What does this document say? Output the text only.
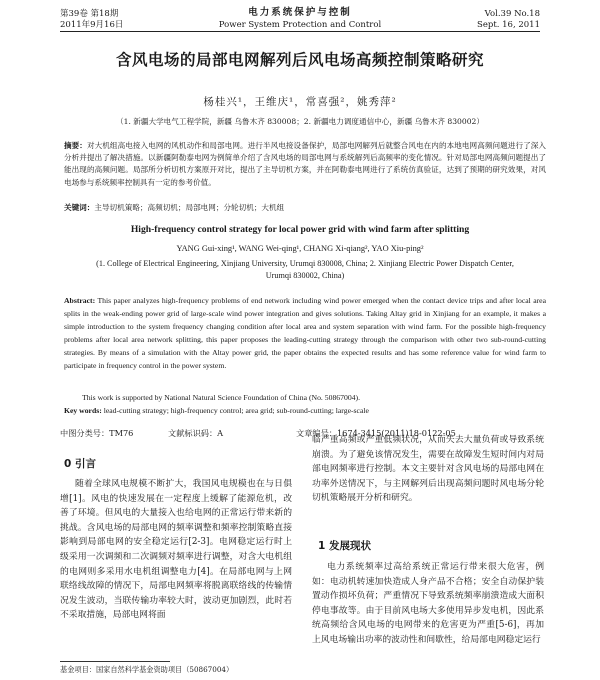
第39卷 第18期
2011年9月16日
电力系统保护与控制
Power System Protection and Control
Vol.39 No.18
Sept. 16, 2011
含风电场的局部电网解列后风电场高频控制策略研究
杨桂兴¹，王维庆¹，常喜强²，姚秀萍²
（1. 新疆大学电气工程学院，新疆 乌鲁木齐 830008；2. 新疆电力调度通信中心，新疆 乌鲁木齐 830002）
摘要：对大机组高电接入电网的风机动作和局部电网。进行半风电接设备保护，局部电网解列后就整合风电在内的本地电网高频问题进行了深入分析并提出了解决措施。以新疆阿勒泰电网为例简单介绍了含风电场的局部电网与系统解列后高频率的变化情况。针对局部电网高频问题提出了能出现的高频问题。局部所分析切机方案原开对比，提出了主导切机方案，并在阿勒泰电网进行了系统仿真验证，达到了预期的研究效果，对风电场参与系统频率控制具有一定的参考价值。
关键词：主导切机策略；高频切机；局部电网；分轮切机；大机组
High-frequency control strategy for local power grid with wind farm after splitting
YANG Gui-xing¹, WANG Wei-qing¹, CHANG Xi-qiang², YAO Xiu-ping²
(1. College of Electrical Engineering, Xinjiang University, Urumqi 830008, China; 2. Xinjiang Electric Power Dispatch Center, Urumqi 830002, China)
Abstract: This paper analyzes high-frequency problems of end network including wind power emerged when the contact device trips and after local area splits in the weak-ending power grid of large-scale wind power integration and gives solutions. Taking Altay grid in Xinjiang for an example, it makes a simple introduction to the system frequency changing condition after local area and system separation with wind farm. For the possible high-frequency problems after local area network splitting, this paper proposes the leading-cutting strategy through the comparison with other two sub-round-cutting strategies. By means of a simulation with the Altay power grid, the paper obtains the expected results and has some reference value for wind farm to participate in frequency control in the power system.
This work is supported by National Natural Science Foundation of China (No. 50867004).
Key words: lead-cutting strategy; high-frequency control; area grid; sub-round-cutting; large-scale
中图分类号：TM76	文献标识码：A	文章编号：1674-3415(2011)18-0122-05
0 引言
随着全球风电规模不断扩大，我国风电规模也在与日俱增[1]。风电的快速发展在一定程度上缓解了能源危机，改善了环境。但风电的大量接入也给电网的正常运行带来新的挑战。含风电场的局部电网的频率调整和频率控制策略直接影响到局部电网的安全稳定运行[2-3]。电网稳定运行时上级采用一次调频和二次调频对频率进行调整，对含大电机组的电网则多采用水电机组调整电力[4]。在局部电网与上网联络线故障的情况下，局部电网频率将脱离联络线的传输情况发生波动，当联传输功率较大时，波动更加剧烈，此时若不采取措施，局部电网将面
临严重高频或严重低频状况，从而失去大量负荷或导致系统崩溃。为了避免该情况发生，需要在故障发生短时间内对局部电网频率进行控制。本文主要针对含风电场的局部电网在功率外送情况下，与主网解列后出现高频问题时风电场分轮切机策略展开分析和研究。
1 发展现状
电力系统频率过高给系统正常运行带来很大危害，例如：电动机转速加快造成人身产品不合格；安全自动保护装置动作损坏负荷；严重情况下导致系统频率崩溃造成大面积停电事故等。由于目前风电场大多使用异步发电机，因此系统高频给含风电场的电网带来的危害更为严重[5-6]，再加上风电场输出功率的波动性和间歇性，给局部电网稳定运行
基金项目：国家自然科学基金资助项目（50867004）
